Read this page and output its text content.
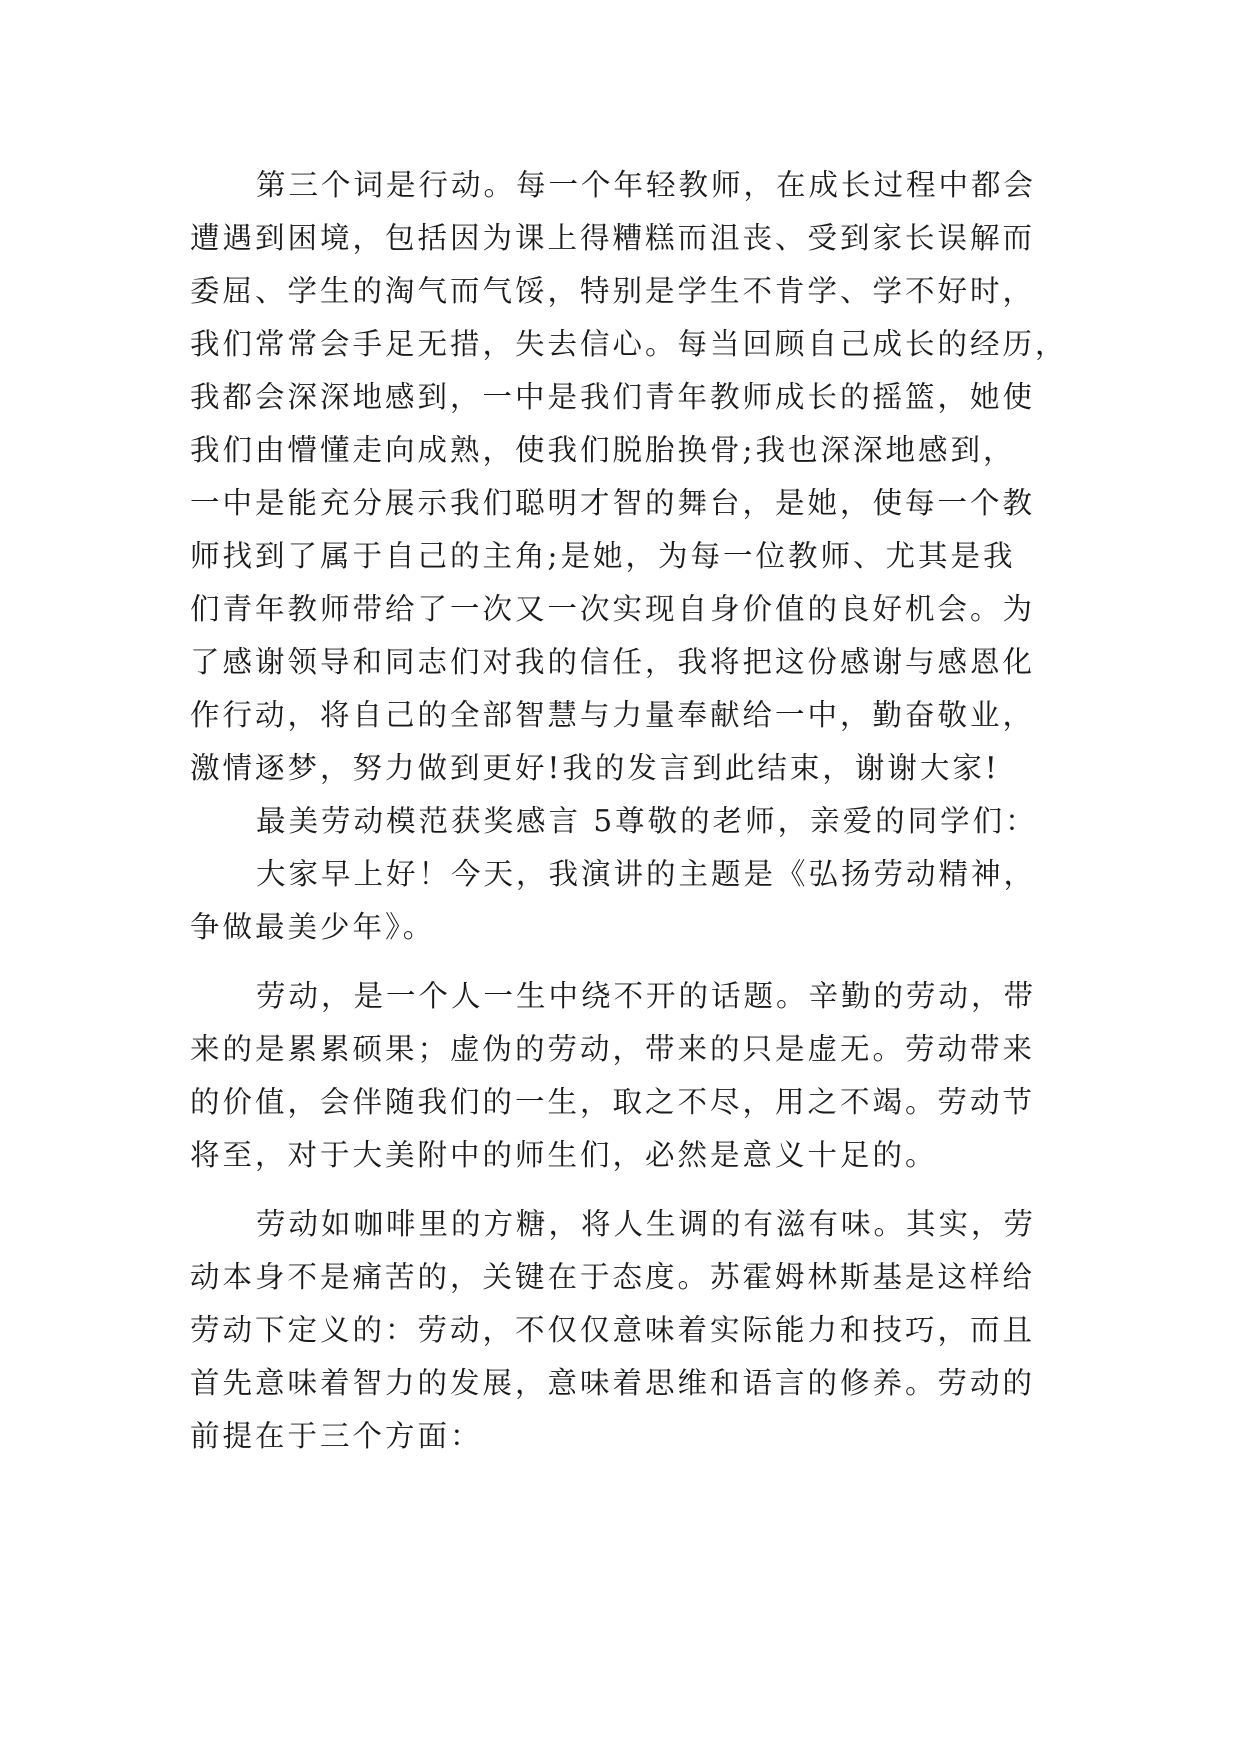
第三个词是行动。每一个年轻教师，在成长过程中都会
遭遇到困境，包括因为课上得糟糕而沮丧、受到家长误解而
委屈、学生的淘气而气馁，特别是学生不肯学、学不好时，
我们常常会手足无措，失去信心。每当回顾自己成长的经历，
我都会深深地感到，一中是我们青年教师成长的摇篮，她使
我们由懵懂走向成熟，使我们脱胎换骨;我也深深地感到，
一中是能充分展示我们聪明才智的舞台，是她，使每一个教
师找到了属于自己的主角;是她，为每一位教师、尤其是我
们青年教师带给了一次又一次实现自身价值的良好机会。为
了感谢领导和同志们对我的信任，我将把这份感谢与感恩化
作行动，将自己的全部智慧与力量奉献给一中，勤奋敬业，
激情逐梦，努力做到更好!我的发言到此结束，谢谢大家!
最美劳动模范获奖感言 5尊敬的老师，亲爱的同学们：
大家早上好！今天，我演讲的主题是《弘扬劳动精神，
争做最美少年》。
劳动，是一个人一生中绕不开的话题。辛勤的劳动，带
来的是累累硕果；虚伪的劳动，带来的只是虚无。劳动带来
的价值，会伴随我们的一生，取之不尽，用之不竭。劳动节
将至，对于大美附中的师生们，必然是意义十足的。
劳动如咖啡里的方糖，将人生调的有滋有味。其实，劳
动本身不是痛苦的，关键在于态度。苏霍姆林斯基是这样给
劳动下定义的：劳动，不仅仅意味着实际能力和技巧，而且
首先意味着智力的发展，意味着思维和语言的修养。劳动的
前提在于三个方面：
